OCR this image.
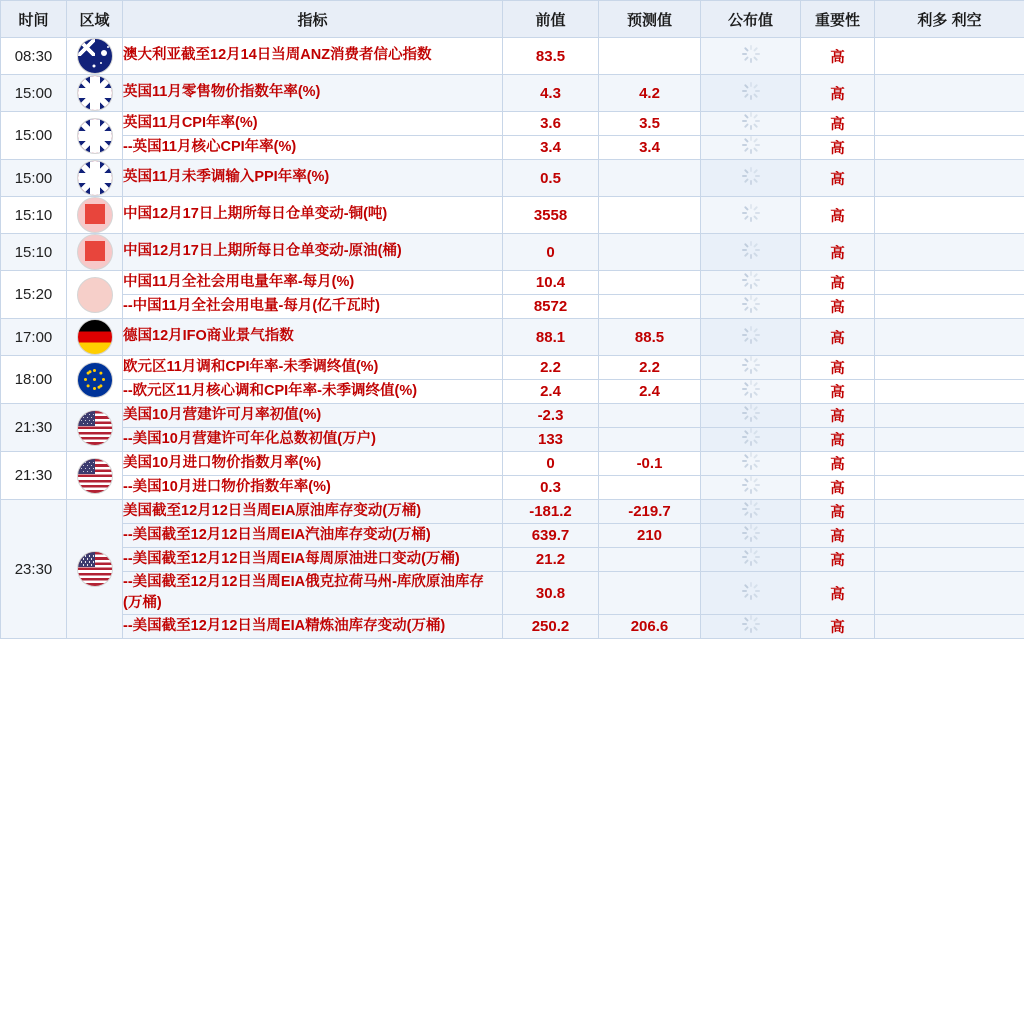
时间	区域	指标	前值	预测值	公布值	重要性	利多 利空
08:30		澳大利亚截至12月14日当周ANZ消费者信心指数	83.5			高	
15:00		英国11月零售物价指数年率(%)	4.3	4.2		高	
15:00		英国11月CPI年率(%)	3.6	3.5		高	
		--英国11月核心CPI年率(%)	3.4	3.4		高	
15:00		英国11月未季调输入PPI年率(%)	0.5			高	
15:10		中国12月17日上期所每日仓单变动-铜(吨)	3558			高	
15:10		中国12月17日上期所每日仓单变动-原油(桶)	0			高	
15:20		中国11月全社会用电量年率-每月(%)	10.4			高	
		--中国11月全社会用电量-每月(亿千瓦时)	8572			高	
17:00		德国12月IFO商业景气指数	88.1	88.5		高	
18:00		欧元区11月调和CPI年率-未季调终值(%)	2.2	2.2		高	
		--欧元区11月核心调和CPI年率-未季调终值(%)	2.4	2.4		高	
21:30		美国10月营建许可月率初值(%)	-2.3			高	
		--美国10月营建许可年化总数初值(万户)	133			高	
21:30		美国10月进口物价指数月率(%)	0	-0.1		高	
		--美国10月进口物价指数年率(%)	0.3			高	
23:30		美国截至12月12日当周EIA原油库存变动(万桶)	-181.2	-219.7		高	
		--美国截至12月12日当周EIA汽油库存变动(万桶)	639.7	210		高	
		--美国截至12月12日当周EIA每周原油进口变动(万桶)	21.2			高	
		--美国截至12月12日当周EIA俄克拉荷马州-库欣原油库存(万桶)	30.8			高	
		--美国截至12月12日当周EIA精炼油库存变动(万桶)	250.2	206.6		高	
FX678
